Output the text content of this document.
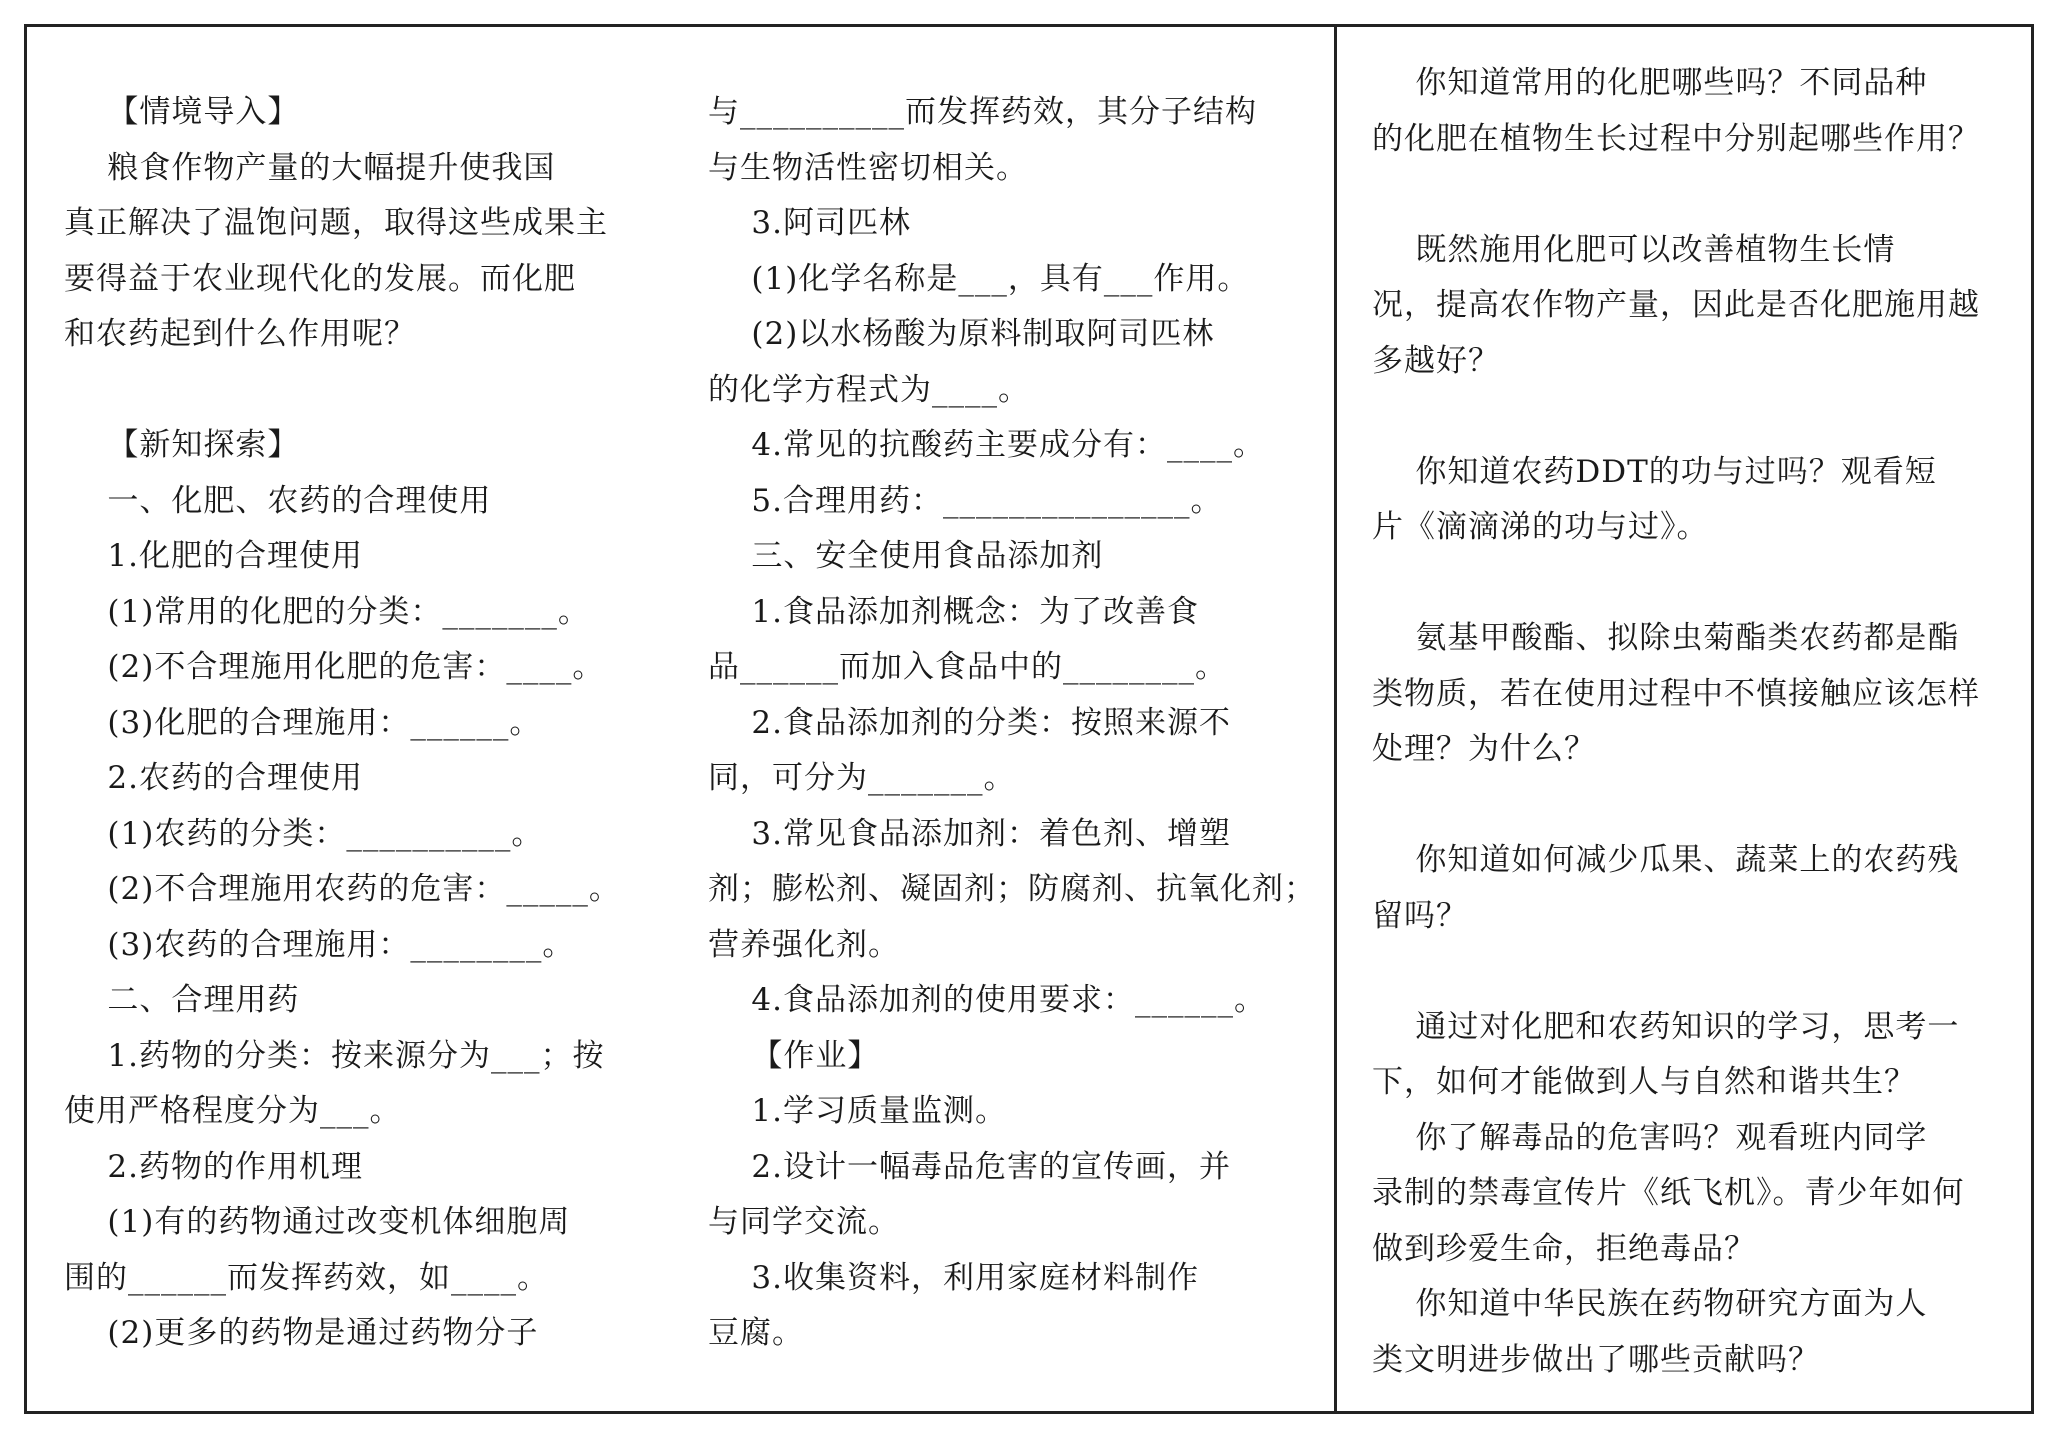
【情境导入】

粮食作物产量的大幅提升使我国

真正解决了温饱问题，取得这些成果主

要得益于农业现代化的发展。而化肥

和农药起到什么作用呢？

【新知探索】

一、化肥、农药的合理使用

1.化肥的合理使用

(1)常用的化肥的分类：_______。

(2)不合理施用化肥的危害：____。

(3)化肥的合理施用：______。

2.农药的合理使用

(1)农药的分类：__________。

(2)不合理施用农药的危害：_____。

(3)农药的合理施用：________。

二、合理用药

1.药物的分类：按来源分为___；按

使用严格程度分为___。

2.药物的作用机理

(1)有的药物通过改变机体细胞周

围的______而发挥药效，如____。

(2)更多的药物是通过药物分子

与__________而发挥药效，其分子结构

与生物活性密切相关。

3.阿司匹林

(1)化学名称是___，具有___作用。

(2)以水杨酸为原料制取阿司匹林

的化学方程式为____。

4.常见的抗酸药主要成分有：____。

5.合理用药：_______________。

三、安全使用食品添加剂

1.食品添加剂概念：为了改善食

品______而加入食品中的________。

2.食品添加剂的分类：按照来源不

同，可分为_______。

3.常见食品添加剂：着色剂、增塑

剂；膨松剂、凝固剂；防腐剂、抗氧化剂；

营养强化剂。

4.食品添加剂的使用要求：______。

【作业】

1.学习质量监测。

2.设计一幅毒品危害的宣传画，并

与同学交流。

3.收集资料，利用家庭材料制作

豆腐。

你知道常用的化肥哪些吗？不同品种

的化肥在植物生长过程中分别起哪些作用？

既然施用化肥可以改善植物生长情

况，提高农作物产量，因此是否化肥施用越

多越好？

你知道农药DDT的功与过吗？观看短

片《滴滴涕的功与过》。

氨基甲酸酯、拟除虫菊酯类农药都是酯

类物质，若在使用过程中不慎接触应该怎样

处理？为什么？

你知道如何减少瓜果、蔬菜上的农药残

留吗？

通过对化肥和农药知识的学习，思考一

下，如何才能做到人与自然和谐共生？

你了解毒品的危害吗？观看班内同学

录制的禁毒宣传片《纸飞机》。青少年如何

做到珍爱生命，拒绝毒品？

你知道中华民族在药物研究方面为人

类文明进步做出了哪些贡献吗？
